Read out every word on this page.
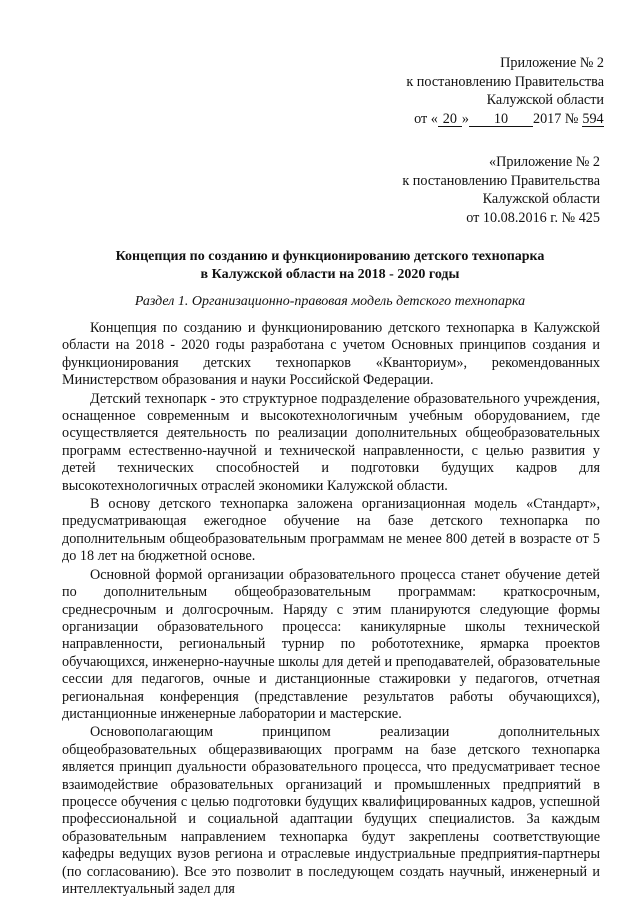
Приложение № 2
к постановлению Правительства
Калужской области
от « 20 » 10 2017 № 594
«Приложение № 2
к постановлению Правительства
Калужской области
от 10.08.2016 г. № 425
Концепция по созданию и функционированию детского технопарка
в Калужской области на 2018 - 2020 годы
Раздел 1. Организационно-правовая модель детского технопарка

Концепция по созданию и функционированию детского технопарка в Калужской области на 2018 - 2020 годы разработана с учетом Основных принципов создания и функционирования детских технопарков «Кванториум», рекомендованных Министерством образования и науки Российской Федерации.

Детский технопарк - это структурное подразделение образовательного учреждения, оснащенное современным и высокотехнологичным учебным оборудованием, где осуществляется деятельность по реализации дополнительных общеобразовательных программ естественно-научной и технической направленности, с целью развития у детей технических способностей и подготовки будущих кадров для высокотехнологичных отраслей экономики Калужской области.

В основу детского технопарка заложена организационная модель «Стандарт», предусматривающая ежегодное обучение на базе детского технопарка по дополнительным общеобразовательным программам не менее 800 детей в возрасте от 5 до 18 лет на бюджетной основе.

Основной формой организации образовательного процесса станет обучение детей по дополнительным общеобразовательным программам: краткосрочным, среднесрочным и долгосрочным. Наряду с этим планируются следующие формы организации образовательного процесса: каникулярные школы технической направленности, региональный турнир по робототехнике, ярмарка проектов обучающихся, инженерно-научные школы для детей и преподавателей, образовательные сессии для педагогов, очные и дистанционные стажировки у педагогов, отчетная региональная конференция (представление результатов работы обучающихся), дистанционные инженерные лаборатории и мастерские.

Основополагающим принципом реализации дополнительных общеобразовательных общеразвивающих программ на базе детского технопарка является принцип дуальности образовательного процесса, что предусматривает тесное взаимодействие образовательных организаций и промышленных предприятий в процессе обучения с целью подготовки будущих квалифицированных кадров, успешной профессиональной и социальной адаптации будущих специалистов. За каждым образовательным направлением технопарка будут закреплены соответствующие кафедры ведущих вузов региона и отраслевые индустриальные предприятия-партнеры (по согласованию). Все это позволит в последующем создать научный, инженерный и интеллектуальный задел для
